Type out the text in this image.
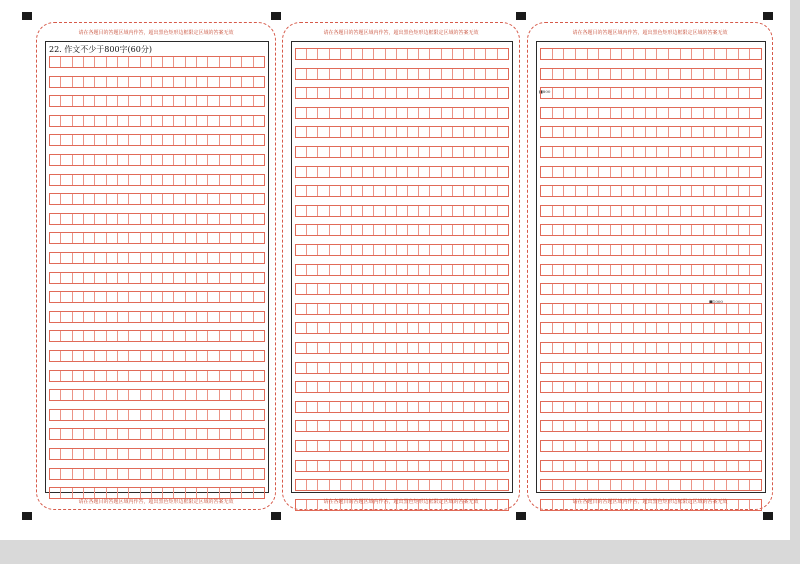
请在各题目的答题区域内作答，超出黑色矩形边框限定区域的答案无效
22. 作文不少于800字(60分)
请在各题目的答题区域内作答，超出黑色矩形边框限定区域的答案无效
请在各题目的答题区域内作答，超出黑色矩形边框限定区域的答案无效
请在各题目的答题区域内作答，超出黑色矩形边框限定区域的答案无效
请在各题目的答题区域内作答，超出黑色矩形边框限定区域的答案无效
■800
■1000
请在各题目的答题区域内作答，超出黑色矩形边框限定区域的答案无效
